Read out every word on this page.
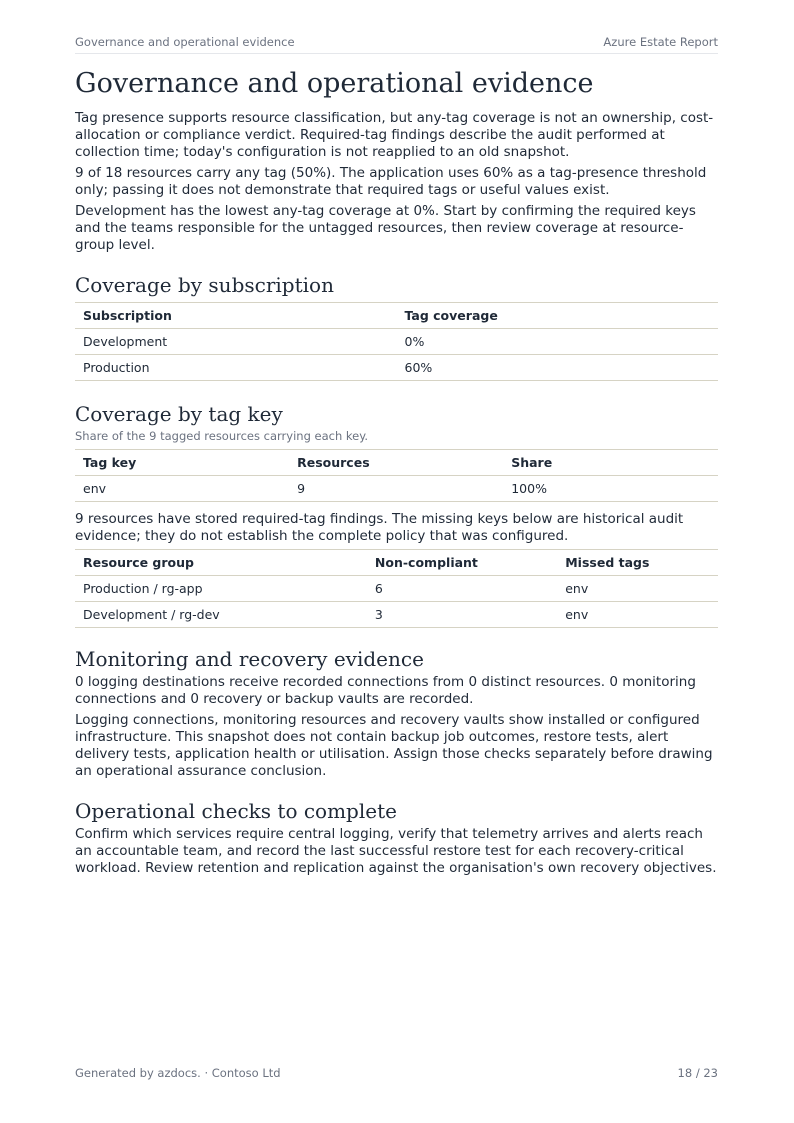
Governance and operational evidence	Azure Estate Report
Governance and operational evidence

Tag presence supports resource classification, but any-tag coverage is not an ownership, cost-allocation or compliance verdict. Required-tag findings describe the audit performed at collection time; today's configuration is not reapplied to an old snapshot.

9 of 18 resources carry any tag (50%). The application uses 60% as a tag-presence threshold only; passing it does not demonstrate that required tags or useful values exist.

Development has the lowest any-tag coverage at 0%. Start by confirming the required keys and the teams responsible for the untagged resources, then review coverage at resource-group level.

Coverage by subscription
Subscription	Tag coverage
Development	0%
Production	60%
Coverage by tag key
Share of the 9 tagged resources carrying each key.
Tag key	Resources	Share
env	9	100%

9 resources have stored required-tag findings. The missing keys below are historical audit evidence; they do not establish the complete policy that was configured.

Resource group	Non-compliant	Missed tags
Production / rg-app	6	env
Development / rg-dev	3	env
Monitoring and recovery evidence

0 logging destinations receive recorded connections from 0 distinct resources. 0 monitoring connections and 0 recovery or backup vaults are recorded.

Logging connections, monitoring resources and recovery vaults show installed or configured infrastructure. This snapshot does not contain backup job outcomes, restore tests, alert delivery tests, application health or utilisation. Assign those checks separately before drawing an operational assurance conclusion.

Operational checks to complete

Confirm which services require central logging, verify that telemetry arrives and alerts reach an accountable team, and record the last successful restore test for each recovery-critical workload. Review retention and replication against the organisation's own recovery objectives.

Generated by azdocs. · Contoso Ltd	18 / 23
